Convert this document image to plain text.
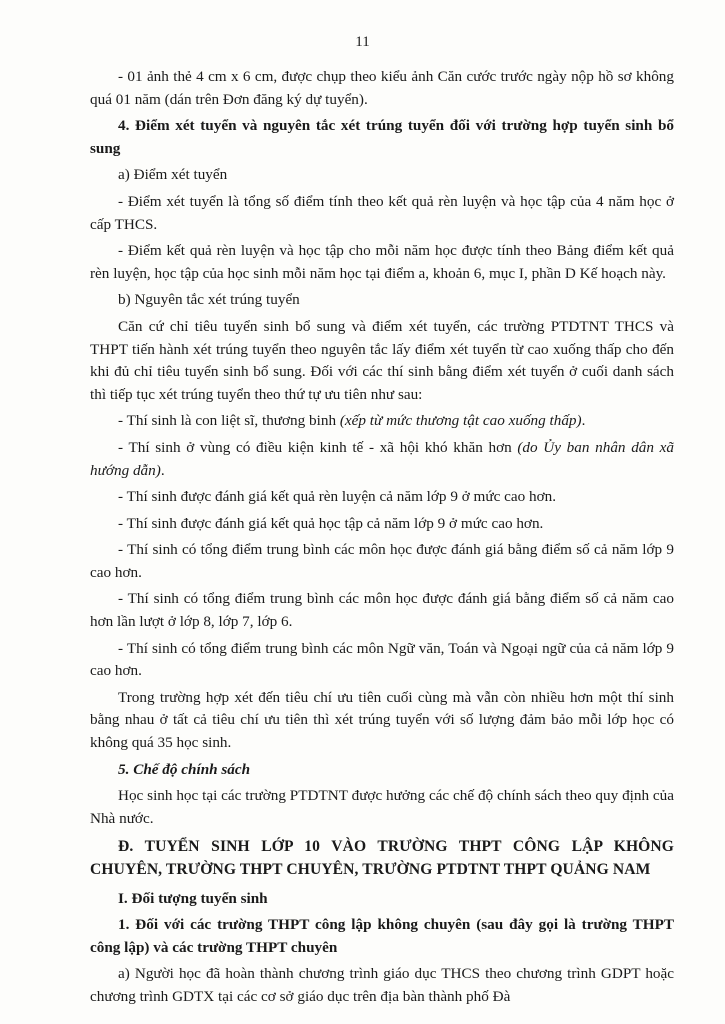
11

- 01 ảnh thẻ 4 cm x 6 cm, được chụp theo kiểu ảnh Căn cước trước ngày nộp hồ sơ không quá 01 năm (dán trên Đơn đăng ký dự tuyển).

4. Điểm xét tuyển và nguyên tắc xét trúng tuyển đối với trường hợp tuyển sinh bổ sung

a) Điểm xét tuyển

- Điểm xét tuyển là tổng số điểm tính theo kết quả rèn luyện và học tập của 4 năm học ở cấp THCS.

- Điểm kết quả rèn luyện và học tập cho mỗi năm học được tính theo Bảng điểm kết quả rèn luyện, học tập của học sinh mỗi năm học tại điểm a, khoản 6, mục I, phần D Kế hoạch này.

b) Nguyên tắc xét trúng tuyển

Căn cứ chỉ tiêu tuyển sinh bổ sung và điểm xét tuyển, các trường PTDTNT THCS và THPT tiến hành xét trúng tuyển theo nguyên tắc lấy điểm xét tuyển từ cao xuống thấp cho đến khi đủ chỉ tiêu tuyển sinh bổ sung. Đối với các thí sinh bằng điểm xét tuyển ở cuối danh sách thì tiếp tục xét trúng tuyển theo thứ tự ưu tiên như sau:

- Thí sinh là con liệt sĩ, thương binh (xếp từ mức thương tật cao xuống thấp).

- Thí sinh ở vùng có điều kiện kinh tế - xã hội khó khăn hơn (do Ủy ban nhân dân xã hướng dẫn).

- Thí sinh được đánh giá kết quả rèn luyện cả năm lớp 9 ở mức cao hơn.

- Thí sinh được đánh giá kết quả học tập cả năm lớp 9 ở mức cao hơn.

- Thí sinh có tổng điểm trung bình các môn học được đánh giá bằng điểm số cả năm lớp 9 cao hơn.

- Thí sinh có tổng điểm trung bình các môn học được đánh giá bằng điểm số cả năm cao hơn lần lượt ở lớp 8, lớp 7, lớp 6.

- Thí sinh có tổng điểm trung bình các môn Ngữ văn, Toán và Ngoại ngữ của cả năm lớp 9 cao hơn.

Trong trường hợp xét đến tiêu chí ưu tiên cuối cùng mà vẫn còn nhiều hơn một thí sinh bằng nhau ở tất cả tiêu chí ưu tiên thì xét trúng tuyển với số lượng đảm bảo mỗi lớp học có không quá 35 học sinh.

5. Chế độ chính sách

Học sinh học tại các trường PTDTNT được hưởng các chế độ chính sách theo quy định của Nhà nước.

Đ. TUYỂN SINH LỚP 10 VÀO TRƯỜNG THPT CÔNG LẬP KHÔNG CHUYÊN, TRƯỜNG THPT CHUYÊN, TRƯỜNG PTDTNT THPT QUẢNG NAM

I. Đối tượng tuyển sinh

1. Đối với các trường THPT công lập không chuyên (sau đây gọi là trường THPT công lập) và các trường THPT chuyên

a) Người học đã hoàn thành chương trình giáo dục THCS theo chương trình GDPT hoặc chương trình GDTX tại các cơ sở giáo dục trên địa bàn thành phố Đà
